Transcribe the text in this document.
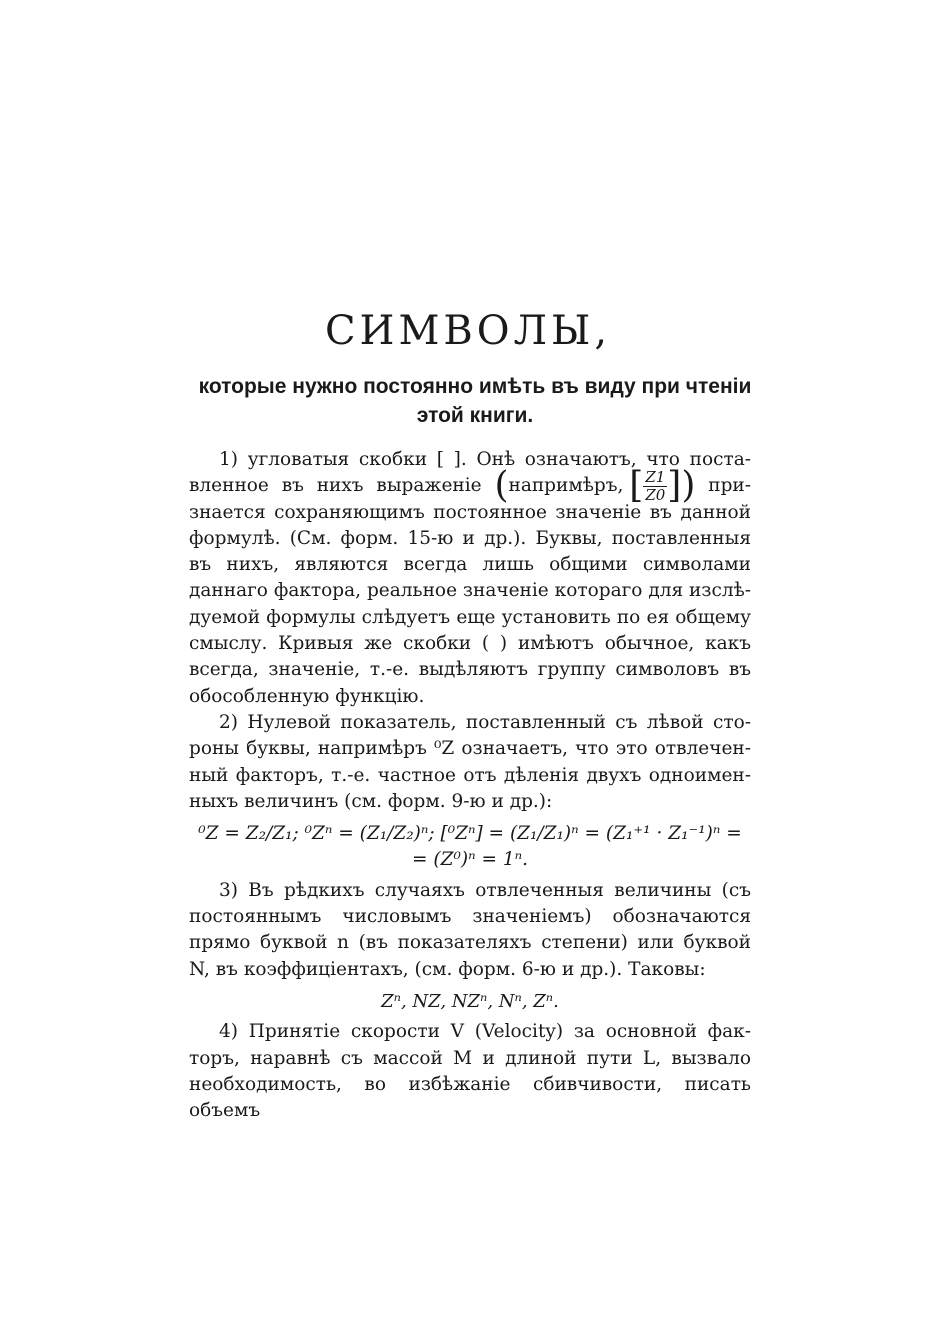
СИМВОЛЫ,
которые нужно постоянно имѣть въ виду при чтеніи
этой книги.

1) угловатыя скобки [ ]. Онѣ означаютъ, что поста-вленное въ нихъ выраженіе ( напримѣръ,
[ $\frac{Z1}{Z0}$ ]) при-знается сохраняющимъ постоянное значеніе въ данной формулѣ. (См. форм. 15-ю и др.). Буквы, поставленныя въ нихъ, являются всегда лишь общими символами даннаго фактора, реальное значеніе котораго для изслѣ-дуемой формулы слѣдуетъ еще установить по ея общему смыслу. Кривыя же скобки ( ) имѣютъ обычное, какъ всегда, значеніе, т.-е. выдѣляютъ группу символовъ въ обособленную функцію.

2) Нулевой показатель, поставленный съ лѣвой сто-роны буквы, напримѣръ ⁰Z означаетъ, что это отвлечен-ный факторъ, т.-е. частное отъ дѣленія двухъ одноимен-ныхъ величинъ (см. форм. 9-ю и др.):

⁰Z = Z₂/Z₁; ⁰Zⁿ = (Z₁/Z₂)ⁿ; [⁰Zⁿ] = (Z₁/Z₁)ⁿ = (Z₁⁺¹ · Z₁⁻¹)ⁿ =
= (Z⁰)ⁿ = 1ⁿ.

3) Въ рѣдкихъ случаяхъ отвлеченныя величины (съ постояннымъ числовымъ значеніемъ) обозначаются прямо буквой n (въ показателяхъ степени) или буквой N, въ коэффиціентахъ, (см. форм. 6-ю и др.). Таковы:

Zⁿ, NZ, NZⁿ, Nⁿ, Zⁿ.

4) Принятіе скорости V (Velocity) за основной фак-торъ, наравнѣ съ массой M и длиной пути L, вызвало необходимость, во избѣжаніе сбивчивости, писать объемъ
